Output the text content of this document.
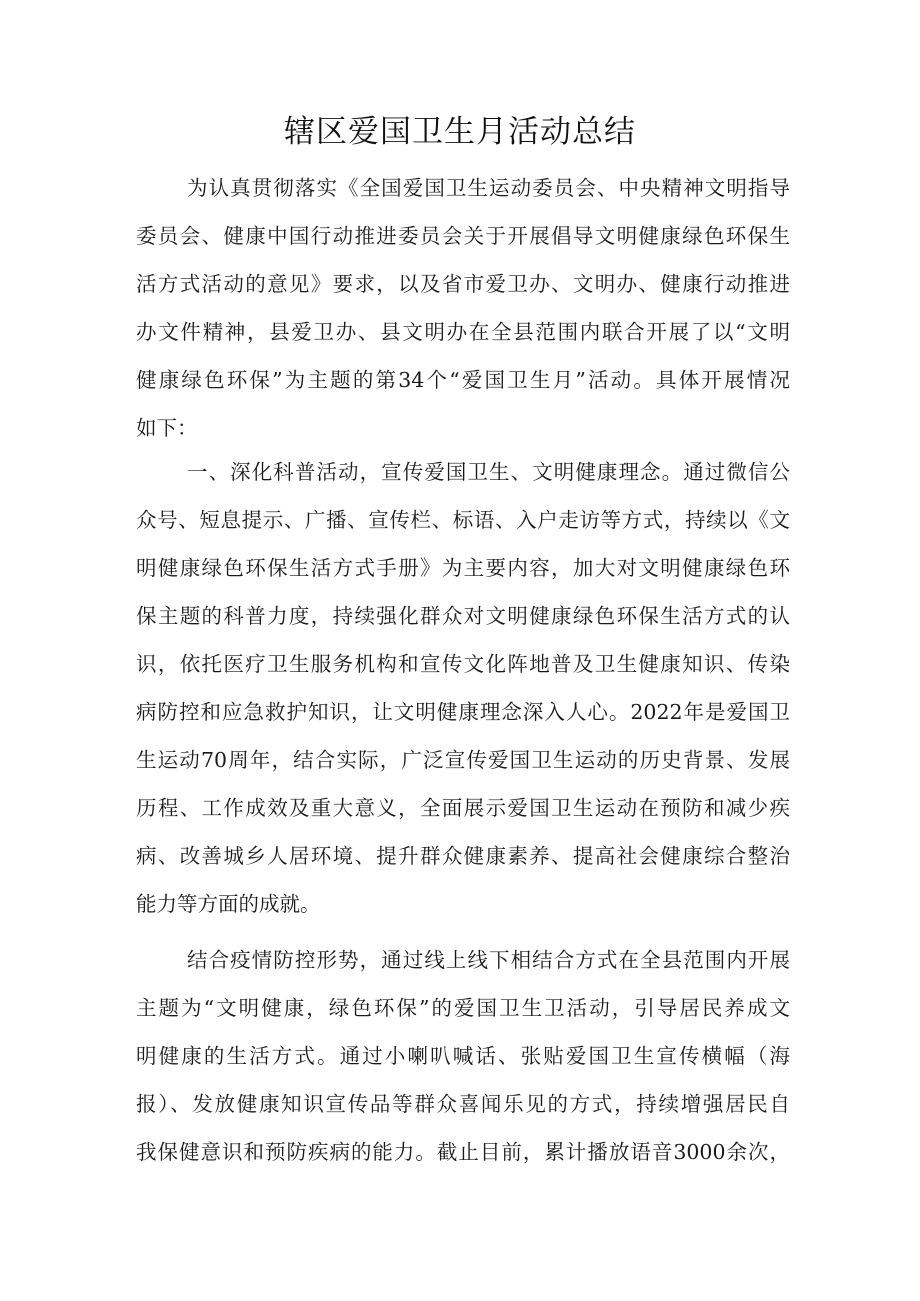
辖区爱国卫生月活动总结
为认真贯彻落实《全国爱国卫生运动委员会、中央精神文明指导
委员会、健康中国行动推进委员会关于开展倡导文明健康绿色环保生
活方式活动的意见》要求，以及省市爱卫办、文明办、健康行动推进
办文件精神，县爱卫办、县文明办在全县范围内联合开展了以“文明
健康绿色环保”为主题的第34个“爱国卫生月”活动。具体开展情况
如下：
一、深化科普活动，宣传爱国卫生、文明健康理念。通过微信公
众号、短息提示、广播、宣传栏、标语、入户走访等方式，持续以《文
明健康绿色环保生活方式手册》为主要内容，加大对文明健康绿色环
保主题的科普力度，持续强化群众对文明健康绿色环保生活方式的认
识，依托医疗卫生服务机构和宣传文化阵地普及卫生健康知识、传染
病防控和应急救护知识，让文明健康理念深入人心。2022年是爱国卫
生运动70周年，结合实际，广泛宣传爱国卫生运动的历史背景、发展
历程、工作成效及重大意义，全面展示爱国卫生运动在预防和减少疾
病、改善城乡人居环境、提升群众健康素养、提高社会健康综合整治
能力等方面的成就。
结合疫情防控形势，通过线上线下相结合方式在全县范围内开展
主题为“文明健康，绿色环保”的爱国卫生卫活动，引导居民养成文
明健康的生活方式。通过小喇叭喊话、张贴爱国卫生宣传横幅（海
报）、发放健康知识宣传品等群众喜闻乐见的方式，持续增强居民自
我保健意识和预防疾病的能力。截止目前，累计播放语音3000余次，
